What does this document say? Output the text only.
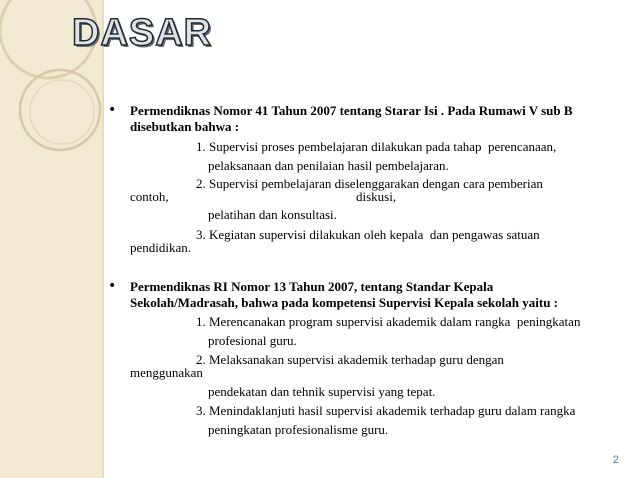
DASAR
• Permendiknas Nomor 41 Tahun 2007 tentang Starar Isi . Pada Rumawi V sub B
disebutkan bahwa :
1. Supervisi proses pembelajaran dilakukan pada tahap  perencanaan,
pelaksanaan dan penilaian hasil pembelajaran.
2. Supervisi pembelajaran diselenggarakan dengan cara pemberian
contoh,	diskusi,
pelatihan dan konsultasi.
3. Kegiatan supervisi dilakukan oleh kepala  dan pengawas satuan
pendidikan.
• Permendiknas RI Nomor 13 Tahun 2007, tentang Standar Kepala
Sekolah/Madrasah, bahwa pada kompetensi Supervisi Kepala sekolah yaitu :
1. Merencanakan program supervisi akademik dalam rangka  peningkatan
profesional guru.
2. Melaksanakan supervisi akademik terhadap guru dengan
menggunakan
pendekatan dan tehnik supervisi yang tepat.
3. Menindaklanjuti hasil supervisi akademik terhadap guru dalam rangka
peningkatan profesionalisme guru.
2
